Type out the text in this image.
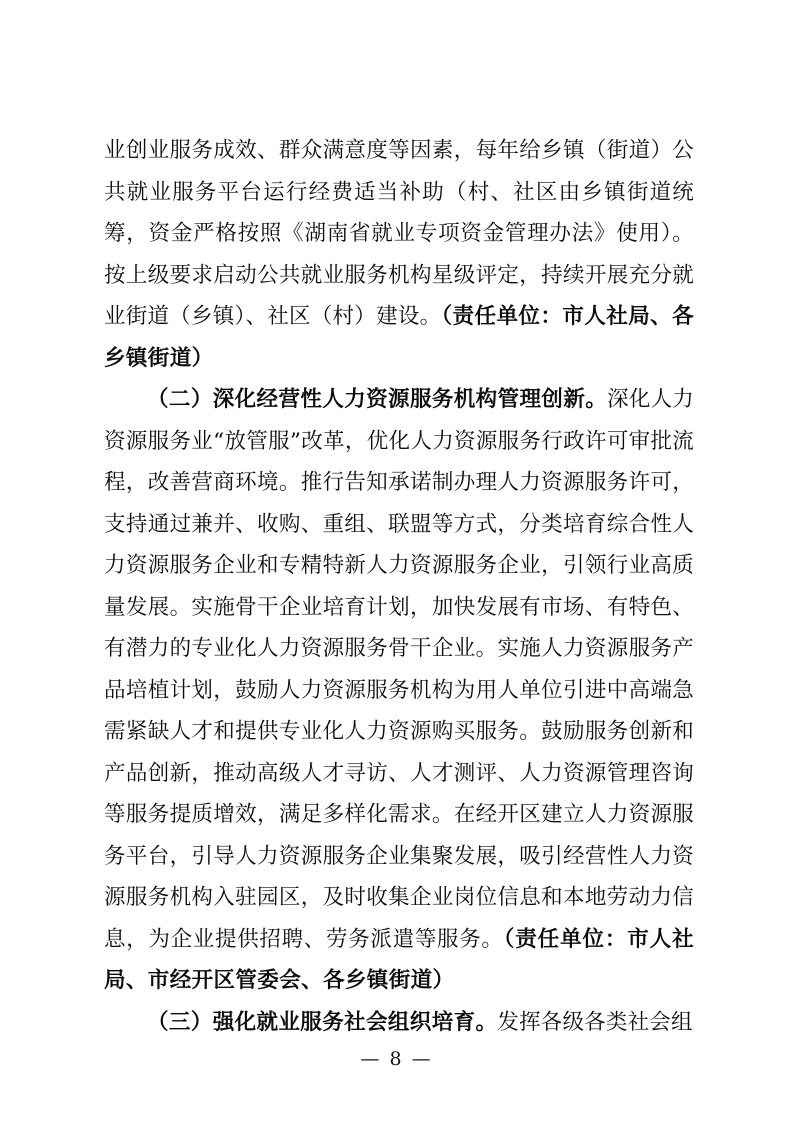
业创业服务成效、群众满意度等因素，每年给乡镇（街道）公共就业服务平台运行经费适当补助（村、社区由乡镇街道统筹，资金严格按照《湖南省就业专项资金管理办法》使用）。按上级要求启动公共就业服务机构星级评定，持续开展充分就业街道（乡镇）、社区（村）建设。（责任单位：市人社局、各乡镇街道）

（二）深化经营性人力资源服务机构管理创新。深化人力资源服务业“放管服”改革，优化人力资源服务行政许可审批流程，改善营商环境。推行告知承诺制办理人力资源服务许可，支持通过兼并、收购、重组、联盟等方式，分类培育综合性人力资源服务企业和专精特新人力资源服务企业，引领行业高质量发展。实施骨干企业培育计划，加快发展有市场、有特色、有潜力的专业化人力资源服务骨干企业。实施人力资源服务产品培植计划，鼓励人力资源服务机构为用人单位引进中高端急需紧缺人才和提供专业化人力资源购买服务。鼓励服务创新和产品创新，推动高级人才寻访、人才测评、人力资源管理咨询等服务提质增效，满足多样化需求。在经开区建立人力资源服务平台，引导人力资源服务企业集聚发展，吸引经营性人力资源服务机构入驻园区，及时收集企业岗位信息和本地劳动力信息，为企业提供招聘、劳务派遣等服务。（责任单位：市人社局、市经开区管委会、各乡镇街道）

（三）强化就业服务社会组织培育。发挥各级各类社会组

— 8 —
